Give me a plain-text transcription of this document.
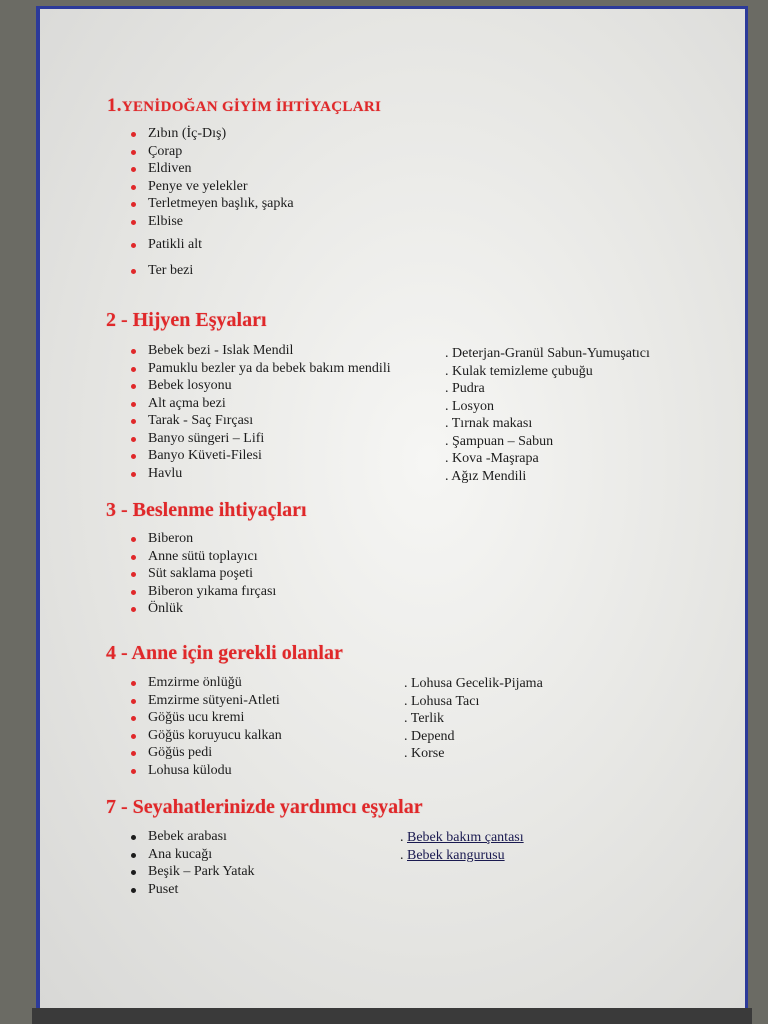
1.YENİDOĞAN GİYİM İHTİYAÇLARI
Zıbın (İç-Dış)
Çorap
Eldiven
Penye ve yelekler
Terletmeyen başlık, şapka
Elbise
Patikli alt
Ter bezi
2 - Hijyen Eşyaları
Bebek bezi - Islak Mendil
Pamuklu bezler ya da bebek bakım mendili
Bebek losyonu
Alt açma bezi
Tarak - Saç Fırçası
Banyo süngeri – Lifi
Banyo Küveti-Filesi
Havlu
. Deterjan-Granül Sabun-Yumuşatıcı
. Kulak temizleme çubuğu
. Pudra
. Losyon
. Tırnak makası
. Şampuan – Sabun
. Kova -Maşrapa
. Ağız Mendili
3 - Beslenme ihtiyaçları
Biberon
Anne sütü toplayıcı
Süt saklama poşeti
Biberon yıkama fırçası
Önlük
4 - Anne için gerekli olanlar
Emzirme önlüğü
Emzirme sütyeni-Atleti
Göğüs ucu kremi
Göğüs koruyucu kalkan
Göğüs pedi
Lohusa külodu
. Lohusa Gecelik-Pijama
. Lohusa Tacı
. Terlik
. Depend
. Korse
7 - Seyahatlerinizde yardımcı eşyalar
Bebek arabası
Ana kucağı
Beşik – Park Yatak
Puset
. Bebek bakım çantası
. Bebek kangurusu
